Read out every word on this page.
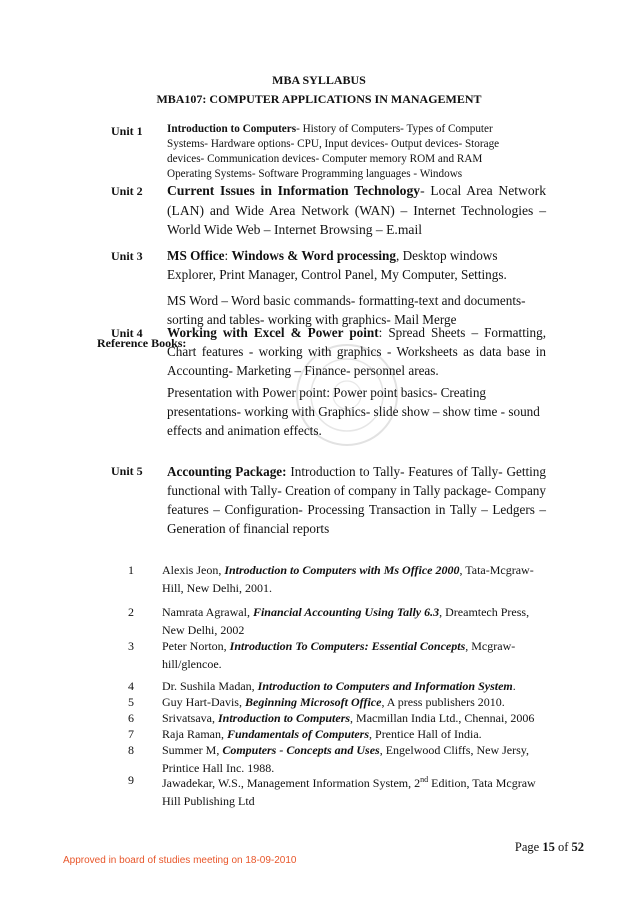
MBA SYLLABUS
MBA107: COMPUTER APPLICATIONS IN MANAGEMENT
Unit 1 Introduction to Computers- History of Computers- Types of Computer
Systems- Hardware options- CPU, Input devices- Output devices- Storage
devices- Communication devices- Computer memory ROM and RAM
Operating Systems- Software Programming languages - Windows
Unit 2 Current Issues in Information Technology- Local Area Network
(LAN) and Wide Area Network (WAN) – Internet Technologies –
World Wide Web – Internet Browsing – E.mail
Unit 3 MS Office: Windows & Word processing, Desktop windows
Explorer, Print Manager, Control Panel, My Computer, Settings.
MS Word – Word basic commands- formatting-text and documents-
sorting and tables- working with graphics- Mail Merge
Unit 4 Working with Excel & Power point: Spread Sheets – Formatting,
Chart features - working with graphics - Worksheets as data base in
Accounting- Marketing – Finance- personnel areas.
Presentation with Power point: Power point basics- Creating
presentations- working with Graphics- slide show – show time - sound
effects and animation effects.
Unit 5 Accounting Package: Introduction to Tally- Features of Tally- Getting
functional with Tally- Creation of company in Tally package- Company
features – Configuration- Processing Transaction in Tally – Ledgers –
Generation of financial reports
Reference Books:
1 Alexis Jeon, Introduction to Computers with Ms Office 2000, Tata-Mcgraw-
Hill, New Delhi, 2001.
2 Namrata Agrawal, Financial Accounting Using Tally 6.3, Dreamtech Press,
New Delhi, 2002
3 Peter Norton, Introduction To Computers: Essential Concepts, Mcgraw-
hill/glencoe.
4 Dr. Sushila Madan, Introduction to Computers and Information System.
5 Guy Hart-Davis, Beginning Microsoft Office, A press publishers 2010.
6 Srivatsava, Introduction to Computers, Macmillan India Ltd., Chennai, 2006
7 Raja Raman, Fundamentals of Computers, Prentice Hall of India.
8 Summer M, Computers - Concepts and Uses, Engelwood Cliffs, New Jersy,
Printice Hall Inc. 1988.
9 Jawadekar, W.S., Management Information System, 2nd Edition, Tata Mcgraw
Hill Publishing Ltd
Page 15 of 52
Approved in board of studies meeting on 18-09-2010
